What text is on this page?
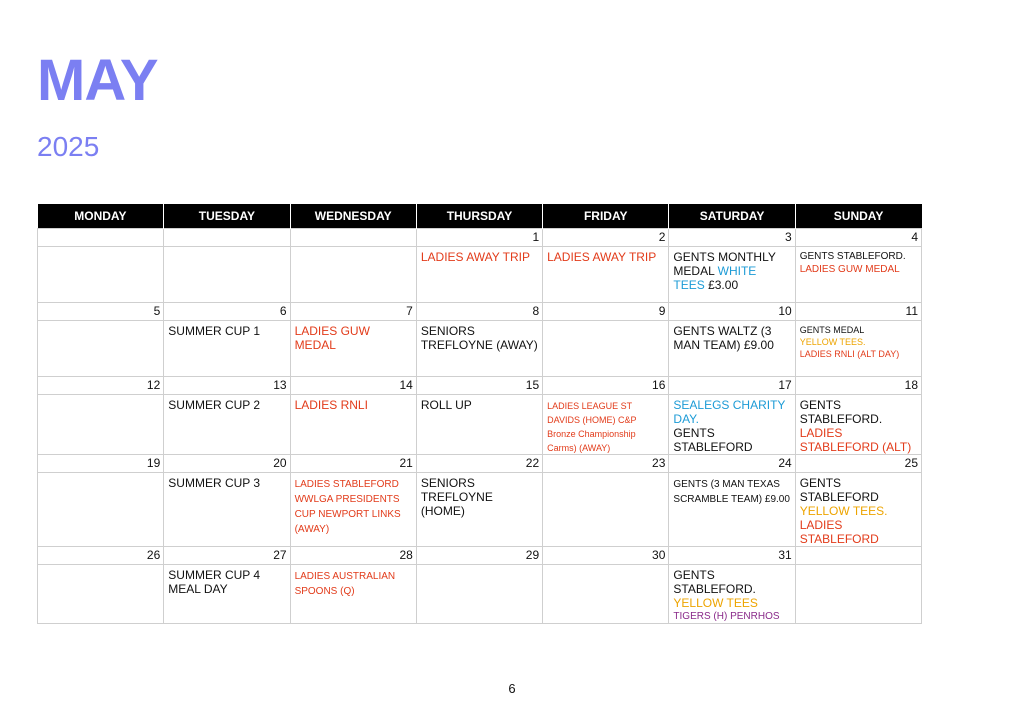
MAY
2025
MONDAY	TUESDAY	WEDNESDAY	THURSDAY	FRIDAY	SATURDAY	SUNDAY
			1	2	3	4
			LADIES AWAY TRIP	LADIES AWAY TRIP	GENTS MONTHLY MEDAL WHITE TEES £3.00	GENTS STABLEFORD.
LADIES GUW MEDAL

5	6	7	8	9	10	11
	SUMMER CUP 1	LADIES GUW MEDAL	SENIORS TREFLOYNE (AWAY)		GENTS WALTZ (3 MAN TEAM) £9.00	GENTS MEDAL
YELLOW TEES.
LADIES RNLI (ALT DAY)

12	13	14	15	16	17	18
	SUMMER CUP 2	LADIES RNLI	ROLL UP	LADIES LEAGUE ST DAVIDS (HOME) C&P Bronze Championship Carms) (AWAY)	SEALEGS CHARITY DAY.
GENTS STABLEFORD	GENTS STABLEFORD.
LADIES STABLEFORD (ALT)

19	20	21	22	23	24	25
	SUMMER CUP 3	LADIES STABLEFORD WWLGA PRESIDENTS CUP NEWPORT LINKS (AWAY)	SENIORS TREFLOYNE (HOME)		GENTS (3 MAN TEXAS SCRAMBLE TEAM) £9.00	GENTS STABLEFORD
YELLOW TEES.
LADIES STABLEFORD

26	27	28	29	30	31	
	SUMMER CUP 4 MEAL DAY	LADIES AUSTRALIAN SPOONS (Q)			GENTS STABLEFORD.
YELLOW TEES
TIGERS (H) PENRHOS	

6
